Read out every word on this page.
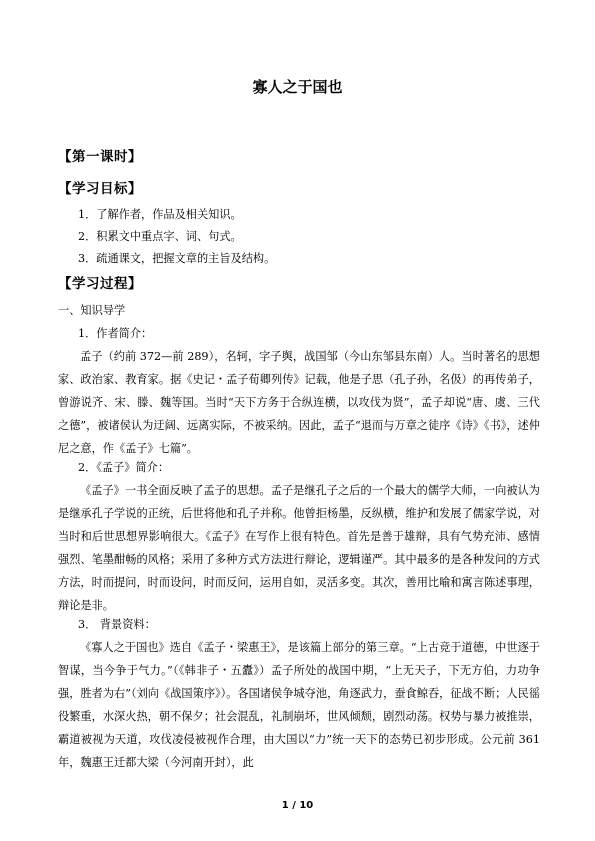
寡人之于国也
【第一课时】
【学习目标】
1．了解作者，作品及相关知识。
2．积累文中重点字、词、句式。
3．疏通课文，把握文章的主旨及结构。
【学习过程】
一、知识导学
1．作者简介：

孟子（约前 372—前 289），名轲，字子舆，战国邹（今山东邹县东南）人。当时著名的思想家、政治家、教育家。据《史记・孟子荀卿列传》记载，他是子思（孔子孙，名伋）的再传弟子，曾游说齐、宋、滕、魏等国。当时“天下方务于合纵连横，以攻伐为贤”，孟子却说“唐、虞、三代之德”，被诸侯认为迂阔、远离实际，不被采纳。因此，孟子“退而与万章之徒序《诗》《书》，述仲尼之意，作《孟子》七篇”。

2．《孟子》简介：

《孟子》一书全面反映了孟子的思想。孟子是继孔子之后的一个最大的儒学大师，一向被认为是继承孔子学说的正统，后世将他和孔子并称。他曾拒杨墨，反纵横，维护和发展了儒家学说，对当时和后世思想界影响很大。《孟子》在写作上很有特色。首先是善于雄辩，具有气势充沛、感情强烈、笔墨酣畅的风格；采用了多种方式方法进行辩论，逻辑谨严。其中最多的是各种发问的方式方法，时而提问，时而设问，时而反问，运用自如，灵活多变。其次，善用比喻和寓言陈述事理，辩论是非。

3． 背景资料：

《寡人之于国也》选自《孟子・梁惠王》，是该篇上部分的第三章。“上古竞于道德，中世逐于智谋，当今争于气力。”（《韩非子・五蠹》）孟子所处的战国中期，“上无天子，下无方伯，力功争强，胜者为右”（刘向《战国策序》）。各国诸侯争城夺池，角逐武力，蚕食鲸吞，征战不断；人民徭役繁重，水深火热，朝不保夕；社会混乱，礼制崩坏，世风倾颓，剧烈动荡。权势与暴力被推崇，霸道被视为天道，攻伐凌侵被视作合理，由大国以“力”统一天下的态势已初步形成。公元前 361 年，魏惠王迁都大梁（今河南开封），此

1 / 10
